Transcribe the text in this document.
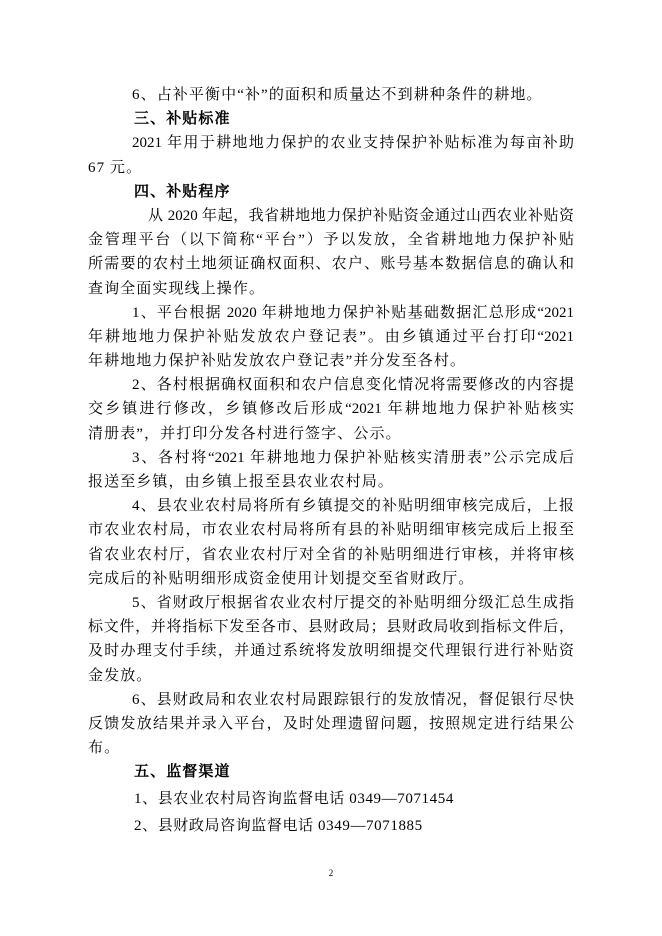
6、占补平衡中“补”的面积和质量达不到耕种条件的耕地。
三、补贴标准
2021 年用于耕地地力保护的农业支持保护补贴标准为每亩补助
67 元。
四、补贴程序
从 2020 年起，我省耕地地力保护补贴资金通过山西农业补贴资
金管理平台（以下简称“平台”）予以发放，全省耕地地力保护补贴
所需要的农村土地须证确权面积、农户、账号基本数据信息的确认和
查询全面实现线上操作。
1、平台根据 2020 年耕地地力保护补贴基础数据汇总形成“2021
年耕地地力保护补贴发放农户登记表”。由乡镇通过平台打印“2021
年耕地地力保护补贴发放农户登记表”并分发至各村。
2、各村根据确权面积和农户信息变化情况将需要修改的内容提
交乡镇进行修改，乡镇修改后形成“2021 年耕地地力保护补贴核实
清册表”，并打印分发各村进行签字、公示。
3、各村将“2021 年耕地地力保护补贴核实清册表”公示完成后
报送至乡镇，由乡镇上报至县农业农村局。
4、县农业农村局将所有乡镇提交的补贴明细审核完成后，上报
市农业农村局，市农业农村局将所有县的补贴明细审核完成后上报至
省农业农村厅，省农业农村厅对全省的补贴明细进行审核，并将审核
完成后的补贴明细形成资金使用计划提交至省财政厅。
5、省财政厅根据省农业农村厅提交的补贴明细分级汇总生成指
标文件，并将指标下发至各市、县财政局；县财政局收到指标文件后，
及时办理支付手续，并通过系统将发放明细提交代理银行进行补贴资
金发放。
6、县财政局和农业农村局跟踪银行的发放情况，督促银行尽快
反馈发放结果并录入平台，及时处理遗留问题，按照规定进行结果公
布。
五、监督渠道
1、县农业农村局咨询监督电话 0349—7071454
2、县财政局咨询监督电话 0349—7071885
2
